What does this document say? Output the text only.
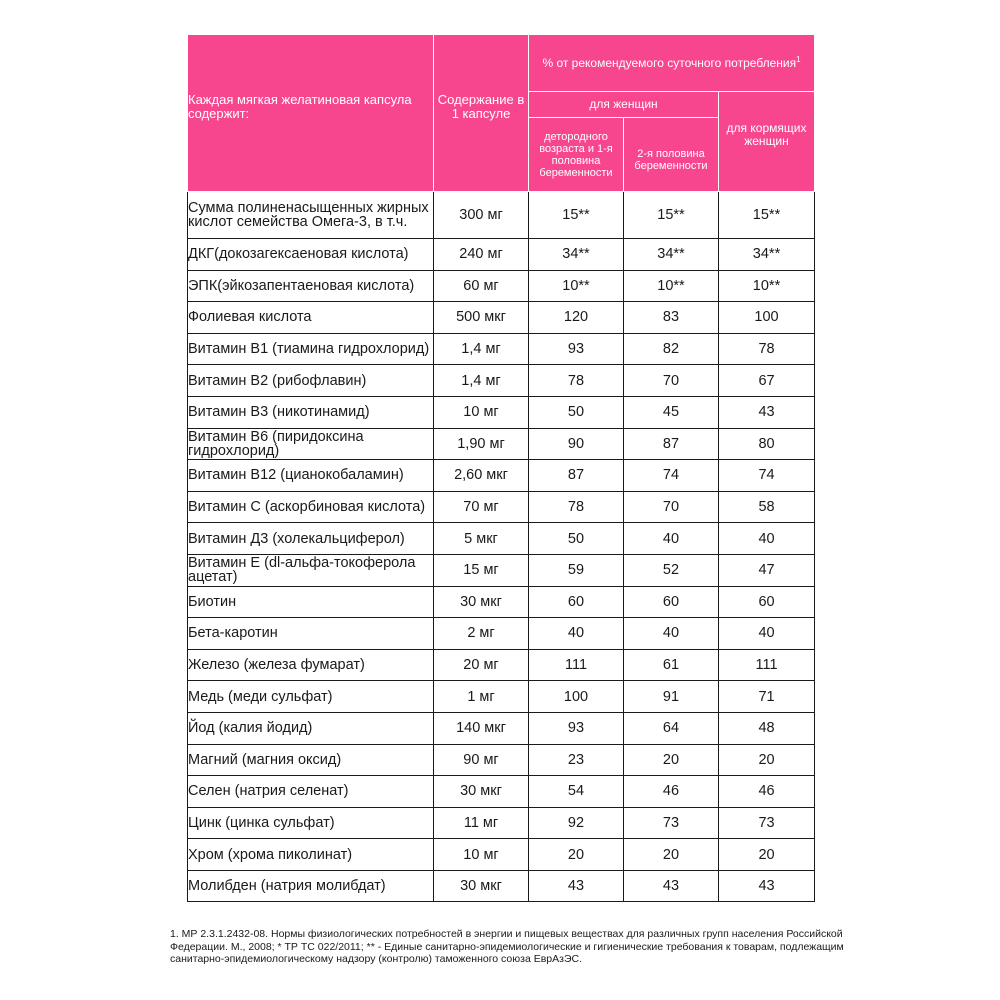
Каждая мягкая желатиновая капсула содержит:	Содержание в 1 капсуле	% от рекомендуемого суточного потребления$^1$
		для женщин		для кормящих женщин
		детородного возраста и 1-я половина беременности	2-я половина беременности	
Сумма полиненасыщенных жирных кислот семейства Омега-3, в т.ч.	300 мг	15**	15**	15**
ДКГ(докозагексаеновая кислота)	240 мг	34**	34**	34**
ЭПК(эйкозапентаеновая кислота)	60 мг	10**	10**	10**
Фолиевая кислота	500 мкг	120	83	100
Витамин B1 (тиамина гидрохлорид)	1,4 мг	93	82	78
Витамин B2 (рибофлавин)	1,4 мг	78	70	67
Витамин B3 (никотинамид)	10 мг	50	45	43
Витамин B6 (пиридоксина гидрохлорид)	1,90 мг	90	87	80
Витамин B12 (цианокобаламин)	2,60 мкг	87	74	74
Витамин С (аскорбиновая кислота)	70 мг	78	70	58
Витамин Д3 (холекальциферол)	5 мкг	50	40	40
Витамин E (dl-альфа-токоферола ацетат)	15 мг	59	52	47
Биотин	30 мкг	60	60	60
Бета-каротин	2 мг	40	40	40
Железо (железа фумарат)	20 мг	111	61	111
Медь (меди сульфат)	1 мг	100	91	71
Йод (калия йодид)	140 мкг	93	64	48
Магний (магния оксид)	90 мг	23	20	20
Селен (натрия селенат)	30 мкг	54	46	46
Цинк (цинка сульфат)	11 мг	92	73	73
Хром (хрома пиколинат)	10 мг	20	20	20
Молибден (натрия молибдат)	30 мкг	43	43	43
1. МР 2.3.1.2432-08. Нормы физиологических потребностей в энергии и пищевых веществах для различных групп населения Российской Федерации. М., 2008; * ТР ТС 022/2011; ** - Единые санитарно-эпидемиологические и гигиенические требования к товарам, подлежащим санитарно-эпидемиологическому надзору (контролю) таможенного союза ЕврАзЭС.
